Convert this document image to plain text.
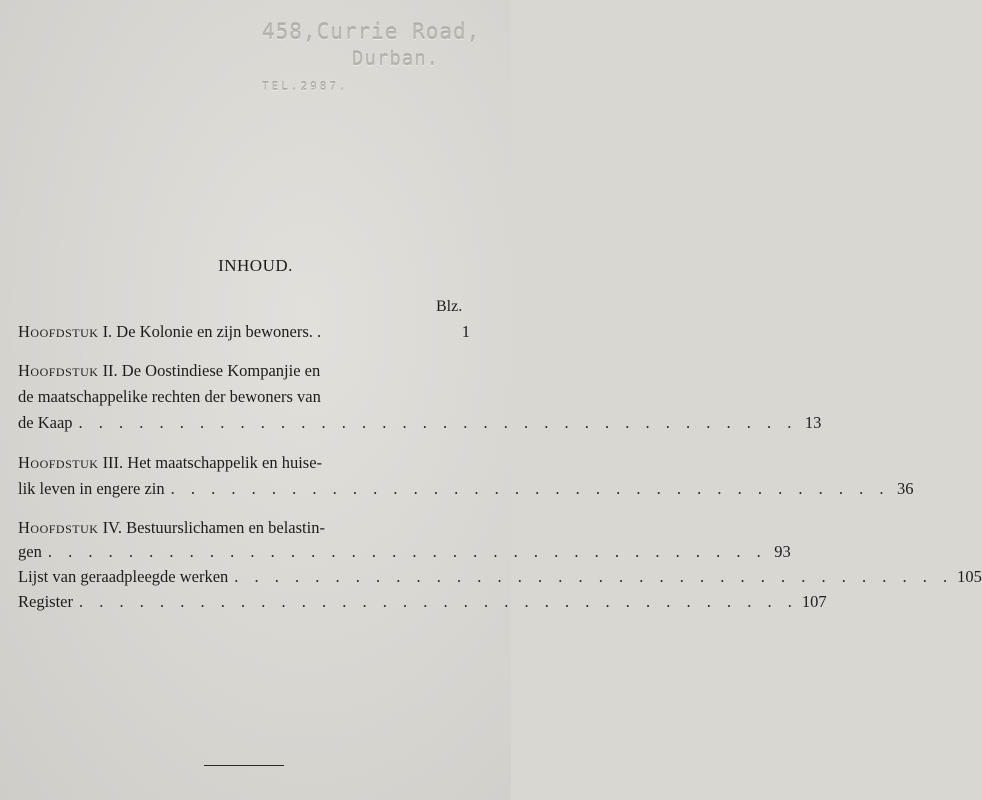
458,Currie Road,
Durban.
TEL.2987.
INHOUD.
Blz.
Hoofdstuk
I. De Kolonie en zijn bewoners. .	1
Hoofdstuk II. De Oostindiese Kompanjie en
de maatschappelike rechten der bewoners van
de Kaap . . . . . . . . . . . . . . . . . . . . . . . . . . . . . . . . . . . . 13
Hoofdstuk III. Het maatschappelik en huise-
lik leven in engere zin . . . . . . . . . . . . . . . . . . . . . . . . . . . . . . . . . . . . 36
Hoofdstuk IV. Bestuurslichamen en belastin-
gen . . . . . . . . . . . . . . . . . . . . . . . . . . . . . . . . . . . . 93
Lijst van geraadpleegde werken . . . . . . . . . . . . . . . . . . . . . . . . . . . . . . . . . . . . 105
Register . . . . . . . . . . . . . . . . . . . . . . . . . . . . . . . . . . . . 107
